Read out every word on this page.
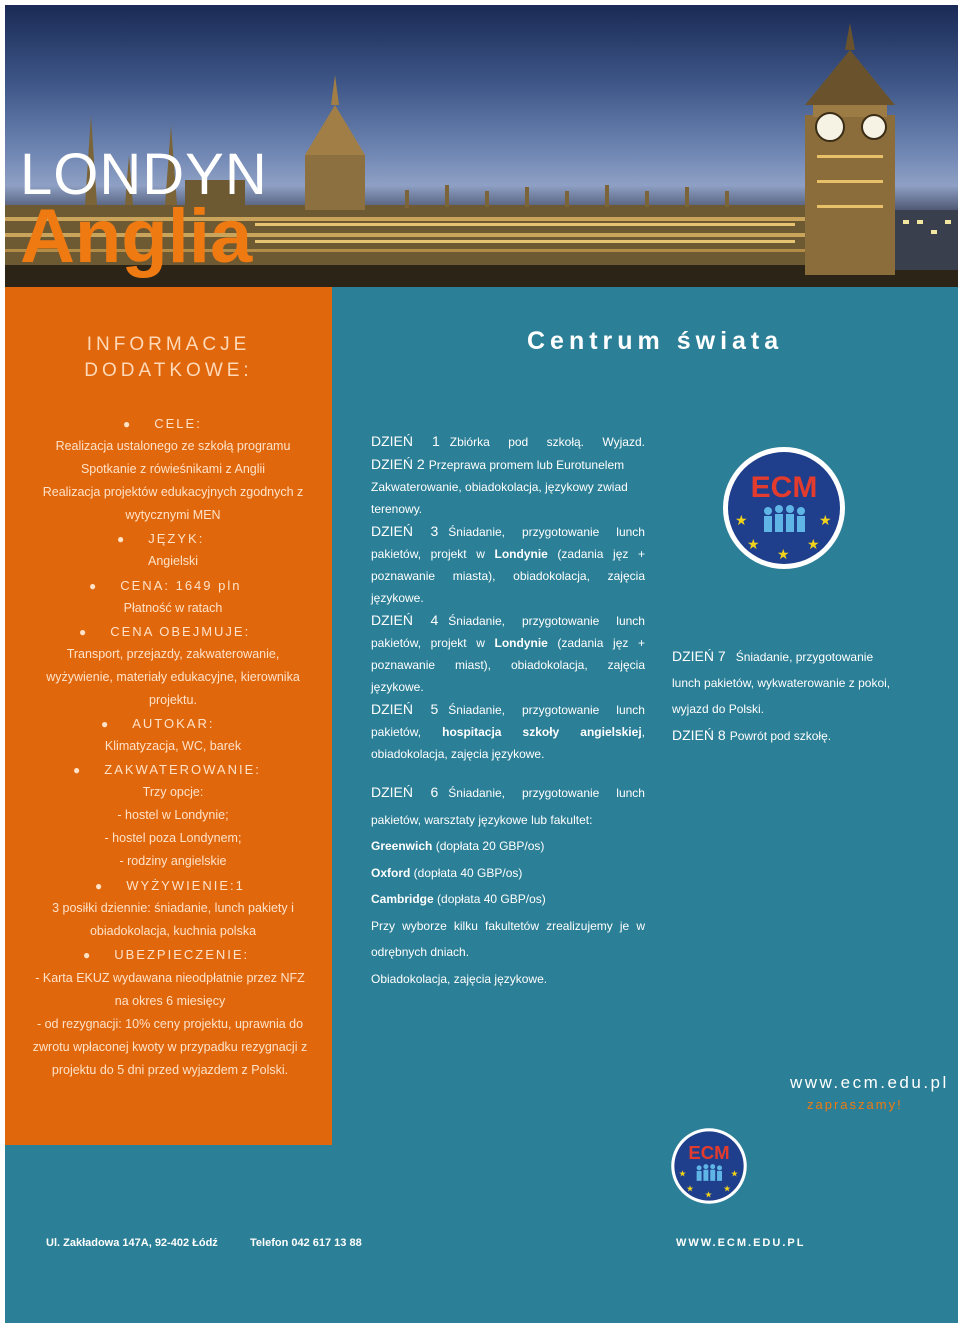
LONDYN
Anglia
INFORMACJE
DODATKOWE:
● CELE:
Realizacja ustalonego ze szkołą programu
Spotkanie z rówieśnikami z Anglii
Realizacja projektów edukacyjnych zgodnych z
wytycznymi MEN
● JĘZYK:
Angielski
● CENA: 1649 pln
Płatność w ratach
● CENA OBEJMUJE:
Transport, przejazdy, zakwaterowanie,
wyżywienie, materiały edukacyjne, kierownika
projektu.
● AUTOKAR:
Klimatyzacja, WC, barek
● ZAKWATEROWANIE:
Trzy opcje:
- hostel w Londynie;
- hostel poza Londynem;
- rodziny angielskie
● WYŻYWIENIE:1
3 posiłki dziennie: śniadanie, lunch pakiety i
obiadokolacja, kuchnia polska
● UBEZPIECZENIE:
- Karta EKUZ wydawana nieodpłatnie przez NFZ
na okres 6 miesięcy
- od rezygnacji: 10% ceny projektu, uprawnia do
zwrotu wpłaconej kwoty w przypadku rezygnacji z
projektu do 5 dni przed wyjazdem z Polski.
Centrum świata
DZIEŃ 1 Zbiórka pod szkołą. Wyjazd.
DZIEŃ 2 Przeprawa promem lub Eurotunelem
Zakwaterowanie, obiadokolacja, językowy zwiad
terenowy.
DZIEŃ 3 Śniadanie, przygotowanie lunch
pakietów, projekt w Londynie (zadania jęz +
poznawanie miasta), obiadokolacja, zajęcia
językowe.
DZIEŃ 4 Śniadanie, przygotowanie lunch
pakietów, projekt w Londynie (zadania jęz +
poznawanie miast), obiadokolacja, zajęcia
językowe.
DZIEŃ 5 Śniadanie, przygotowanie lunch
pakietów, hospitacja szkoły angielskiej,
obiadokolacja, zajęcia językowe.
DZIEŃ 6 Śniadanie, przygotowanie lunch
pakietów, warsztaty językowe lub fakultet:
Greenwich (dopłata 20 GBP/os)
Oxford (dopłata 40 GBP/os)
Cambridge (dopłata 40 GBP/os)
Przy wyborze kilku fakultetów zrealizujemy je w
odrębnych dniach.
Obiadokolacja, zajęcia językowe.
ECM
★	★
★	★
★
DZIEŃ 7 Śniadanie, przygotowanie
lunch pakietów, wykwaterowanie z pokoi,
wyjazd do Polski.
DZIEŃ 8 Powrót pod szkołę.
www.ecm.edu.pl
zapraszamy!
ECM
★	★
★ ★
★
Ul. Zakładowa 147A, 92-402 Łódź	Telefon 042 617 13 88	WWW.ECM.EDU.PL
